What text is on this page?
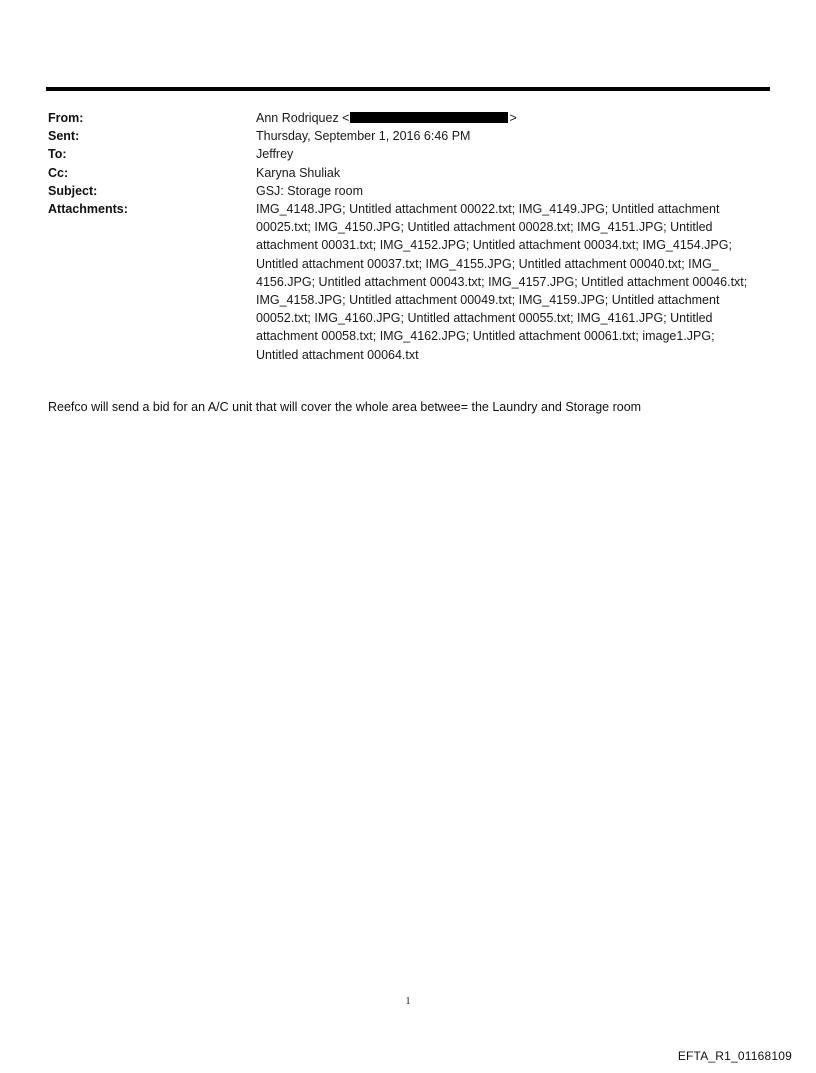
From:	Ann Rodriquez <	>
Sent:	Thursday, September 1, 2016 6:46 PM
To:	Jeffrey
Cc:	Karyna Shuliak
Subject:	GSJ: Storage room
Attachments:	IMG_4148.JPG; Untitled attachment 00022.txt; IMG_4149.JPG; Untitled attachment 00025.txt; IMG_4150.JPG; Untitled attachment 00028.txt; IMG_4151.JPG; Untitled attachment 00031.txt; IMG_4152.JPG; Untitled attachment 00034.txt; IMG_4154.JPG; Untitled attachment 00037.txt; IMG_4155.JPG; Untitled attachment 00040.txt; IMG_ 4156.JPG; Untitled attachment 00043.txt; IMG_4157.JPG; Untitled attachment 00046.txt; IMG_4158.JPG; Untitled attachment 00049.txt; IMG_4159.JPG; Untitled attachment 00052.txt; IMG_4160.JPG; Untitled attachment 00055.txt; IMG_4161.JPG; Untitled attachment 00058.txt; IMG_4162.JPG; Untitled attachment 00061.txt; image1.JPG; Untitled attachment 00064.txt
Reefco will send a bid for an A/C unit that will cover the whole area betwee= the Laundry and Storage room
1
EFTA_R1_01168109
